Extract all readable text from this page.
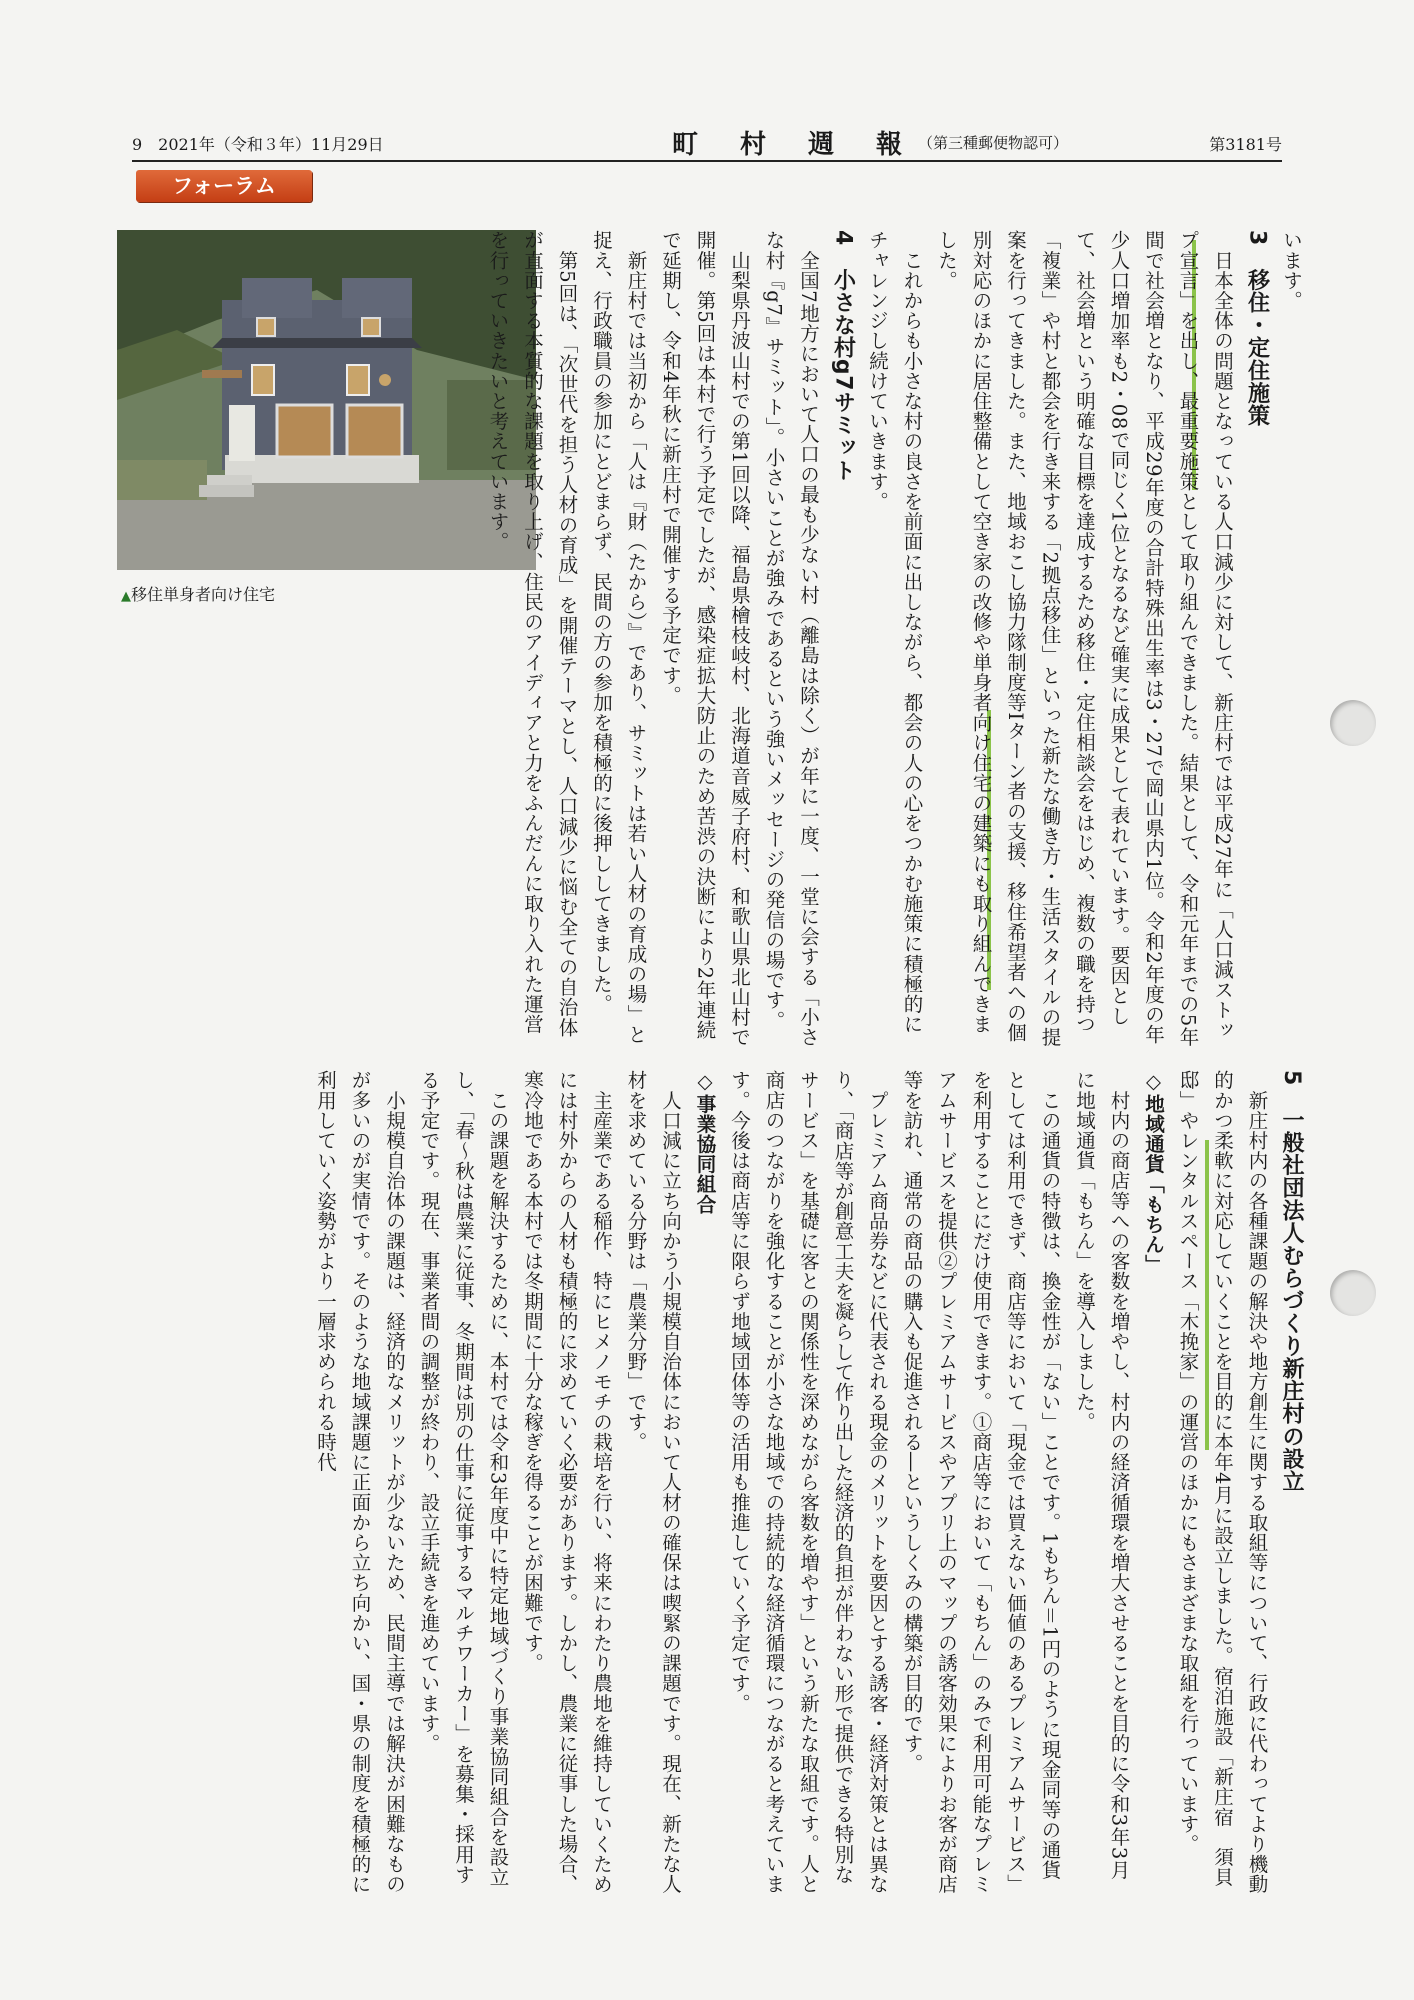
9　2021年（令和３年）11月29日	町村週報
（第三種郵便物認可）	第3181号
フォーラム
▲移住単身者向け住宅

います。

3　移住・定住施策

　日本全体の問題となっている人口減少に対して、新庄村では平成27年に「人口減ストップ宣言」を出し、最重要施策として取り組んできました。結果として、令和元年までの5年間で社会増となり、平成29年度の合計特殊出生率は3・27で岡山県内1位。令和2年度の年少人口増加率も2・08で同じく1位となるなど確実に成果として表れています。要因として、社会増という明確な目標を達成するため移住・定住相談会をはじめ、複数の職を持つ「複業」や村と都会を行き来する「2拠点移住」といった新たな働き方・生活スタイルの提案を行ってきました。また、地域おこし協力隊制度等Iターン者の支援、移住希望者への個別対応のほかに居住整備として空き家の改修や単身者向け住宅の建築にも取り組んできました。

　これからも小さな村の良さを前面に出しながら、都会の人の心をつかむ施策に積極的にチャレンジし続けていきます。

4　小さな村g7サミット

　全国7地方において人口の最も少ない村（離島は除く）が年に一度、一堂に会する「小さな村『g7』サミット」。小さいことが強みであるという強いメッセージの発信の場です。

　山梨県丹波山村での第1回以降、福島県檜枝岐村、北海道音威子府村、和歌山県北山村で開催。第5回は本村で行う予定でしたが、感染症拡大防止のため苦渋の決断により2年連続で延期し、令和4年秋に新庄村で開催する予定です。

　新庄村では当初から「人は『財（たから）』であり、サミットは若い人材の育成の場」と捉え、行政職員の参加にとどまらず、民間の方の参加を積極的に後押ししてきました。

　第5回は、「次世代を担う人材の育成」を開催テーマとし、人口減少に悩む全ての自治体が直面する本質的な課題を取り上げ、住民のアイディアと力をふんだんに取り入れた運営を行っていきたいと考えています。

5　一般社団法人むらづくり新庄村の設立

　新庄村内の各種課題の解決や地方創生に関する取組等について、行政に代わってより機動的かつ柔軟に対応していくことを目的に本年4月に設立しました。宿泊施設「新庄宿　須貝邸」やレンタルスペース「木挽家」の運営のほかにもさまざまな取組を行っています。

◇地域通貨「もちん」

　村内の商店等への客数を増やし、村内の経済循環を増大させることを目的に令和3年3月に地域通貨「もちん」を導入しました。

　この通貨の特徴は、換金性が「ない」ことです。1もちん＝1円のように現金同等の通貨としては利用できず、商店等において「現金では買えない価値のあるプレミアムサービス」を利用することにだけ使用できます。①商店等において「もちん」のみで利用可能なプレミアムサービスを提供②プレミアムサービスやアプリ上のマップの誘客効果によりお客が商店等を訪れ、通常の商品の購入も促進される―というしくみの構築が目的です。

　プレミアム商品券などに代表される現金のメリットを要因とする誘客・経済対策とは異なり、「商店等が創意工夫を凝らして作り出した経済的負担が伴わない形で提供できる特別なサービス」を基礎に客との関係性を深めながら客数を増やす」という新たな取組です。人と商店のつながりを強化することが小さな地域での持続的な経済循環につながると考えています。今後は商店等に限らず地域団体等の活用も推進していく予定です。

◇事業協同組合

　人口減に立ち向かう小規模自治体において人材の確保は喫緊の課題です。現在、新たな人材を求めている分野は「農業分野」です。

　主産業である稲作、特にヒメノモチの栽培を行い、将来にわたり農地を維持していくためには村外からの人材も積極的に求めていく必要があります。しかし、農業に従事した場合、寒冷地である本村では冬期間に十分な稼ぎを得ることが困難です。

　この課題を解決するために、本村では令和3年度中に特定地域づくり事業協同組合を設立し、「春～秋は農業に従事、冬期間は別の仕事に従事するマルチワーカー」を募集・採用する予定です。現在、事業者間の調整が終わり、設立手続きを進めています。

　小規模自治体の課題は、経済的なメリットが少ないため、民間主導では解決が困難なものが多いのが実情です。そのような地域課題に正面から立ち向かい、国・県の制度を積極的に利用していく姿勢がより一層求められる時代
